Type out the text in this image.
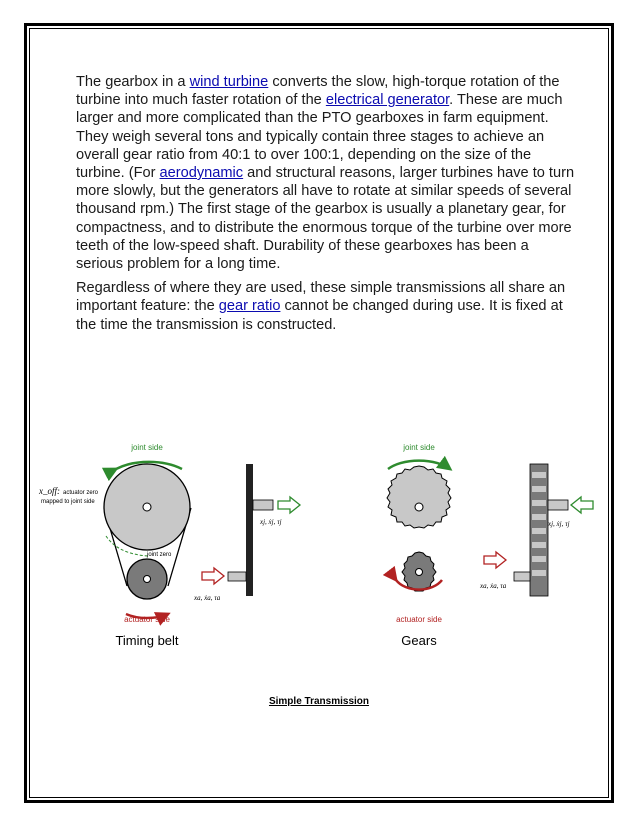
The gearbox in a wind turbine converts the slow, high-torque rotation of the turbine into much faster rotation of the electrical generator. These are much larger and more complicated than the PTO gearboxes in farm equipment. They weigh several tons and typically contain three stages to achieve an overall gear ratio from 40:1 to over 100:1, depending on the size of the turbine. (For aerodynamic and structural reasons, larger turbines have to turn more slowly, but the generators all have to rotate at similar speeds of several thousand rpm.) The first stage of the gearbox is usually a planetary gear, for compactness, and to distribute the enormous torque of the turbine over more teeth of the low-speed shaft. Durability of these gearboxes has been a serious problem for a long time.

Regardless of where they are used, these simple transmissions all share an important feature: the gear ratio cannot be changed during use. It is fixed at the time the transmission is constructed.

joint side
x_off: actuator zero
mapped to joint side
joint zero
actuator side
Timing belt
xj, ẋj, τj
xa, ẋa, τa
joint side
actuator side
Gears
xj, ẋj, τj
xa, ẋa, τa
Simple Transmission
